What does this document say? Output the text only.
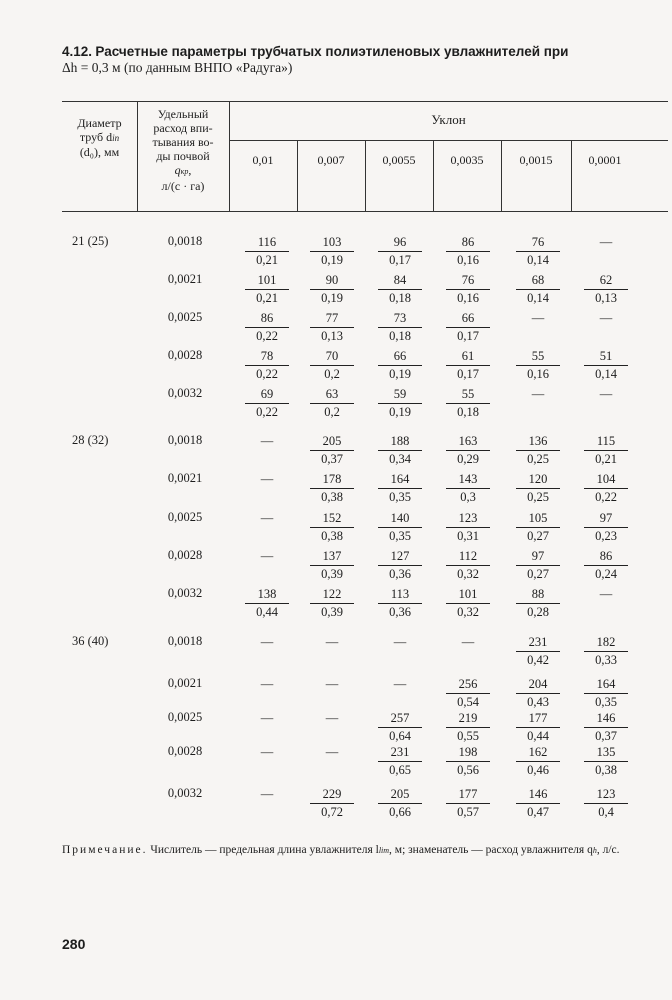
4.12. Расчетные параметры трубчатых полиэтиленовых увлажнителей при
Δh = 0,3 м (по данным ВНПО «Радуга»)
Диаметр
труб din
(d₀), мм
Удельный
расход впи-
тывания во-
ды почвой
qкр,
л/(с · га)
Уклон
0,01	0,007	0,0055	0,0035	0,0015	0,0001
21 (25)	0,0018	$\frac{116}{0,21} \frac{103}{0,19} \frac{96}{0,17} \frac{86}{0,16} \frac{76}{0,14}$	—
0,0021	$\frac{101}{0,21} \frac{90}{0,19} \frac{84}{0,18} \frac{76}{0,16} \frac{68}{0,14} \frac{62}{0,13}$
0,0025	$\frac{86}{0,22} \frac{77}{0,13} \frac{73}{0,18} \frac{66}{0,17}$	—	—
0,0028	$\frac{78}{0,22} \frac{70}{0,2} \frac{66}{0,19} \frac{61}{0,17} \frac{55}{0,16} \frac{51}{0,14}$
0,0032	$\frac{69}{0,22} \frac{63}{0,2} \frac{59}{0,19} \frac{55}{0,18}$	—	—
28 (32)	0,0018	—	$\frac{205}{0,37} \frac{188}{0,34} \frac{163}{0,29} \frac{136}{0,25} \frac{115}{0,21}$
0,0021	—	$\frac{178}{0,38} \frac{164}{0,35} \frac{143}{0,3} \frac{120}{0,25} \frac{104}{0,22}$
0,0025	—	$\frac{152}{0,38} \frac{140}{0,35} \frac{123}{0,31} \frac{105}{0,27} \frac{97}{0,23}$
0,0028	—	$\frac{137}{0,39} \frac{127}{0,36} \frac{112}{0,32} \frac{97}{0,27} \frac{86}{0,24}$
0,0032	$\frac{138}{0,44} \frac{122}{0,39} \frac{113}{0,36} \frac{101}{0,32} \frac{88}{0,28}$	—
36 (40)	0,0018	—	—	—	—	$\frac{231}{0,42} \frac{182}{0,33}$
0,0021	—	—	—	$\frac{256}{0,54} \frac{204}{0,43} \frac{164}{0,35}$
0,0025	—	—	$\frac{257}{0,64} \frac{219}{0,55} \frac{177}{0,44} \frac{146}{0,37}$
0,0028	—	—	$\frac{231}{0,65} \frac{198}{0,56} \frac{162}{0,46} \frac{135}{0,38}$
0,0032	—	$\frac{229}{0,72} \frac{205}{0,66} \frac{177}{0,57} \frac{146}{0,47} \frac{123}{0,4}$
Примечание. Числитель — предельная длина увлажнителя llim, м; знаменатель — расход увлажнителя qh, л/с.
280
